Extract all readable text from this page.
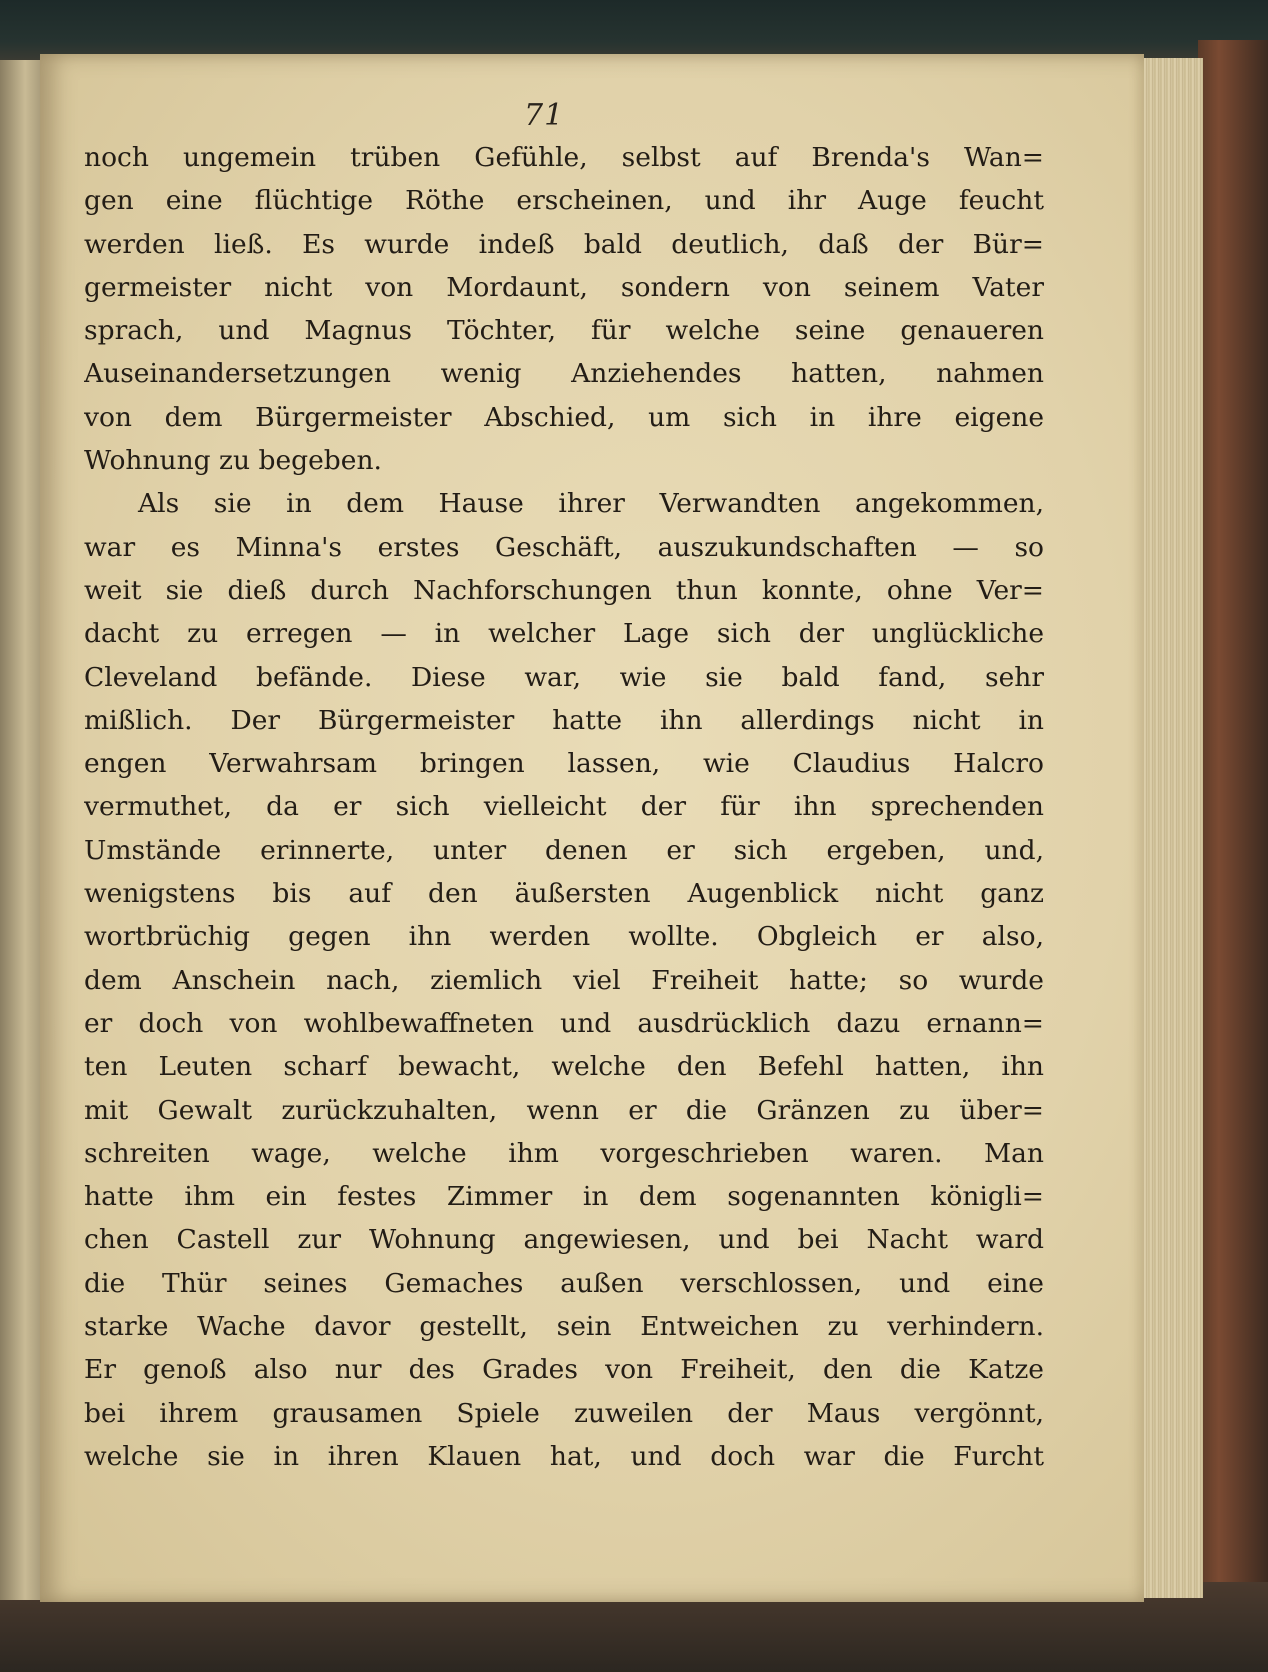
71
noch ungemein trüben Gefühle, selbst auf Brenda's Wan=
gen eine flüchtige Röthe erscheinen, und ihr Auge feucht
werden ließ. Es wurde indeß bald deutlich, daß der Bür=
germeister nicht von Mordaunt, sondern von seinem Vater
sprach, und Magnus Töchter, für welche seine genaueren
Auseinandersetzungen wenig Anziehendes hatten, nahmen
von dem Bürgermeister Abschied, um sich in ihre eigene
Wohnung zu begeben.
Als sie in dem Hause ihrer Verwandten angekommen,
war es Minna's erstes Geschäft, auszukundschaften — so
weit sie dieß durch Nachforschungen thun konnte, ohne Ver=
dacht zu erregen — in welcher Lage sich der unglückliche
Cleveland befände. Diese war, wie sie bald fand, sehr
mißlich. Der Bürgermeister hatte ihn allerdings nicht in
engen Verwahrsam bringen lassen, wie Claudius Halcro
vermuthet, da er sich vielleicht der für ihn sprechenden
Umstände erinnerte, unter denen er sich ergeben, und,
wenigstens bis auf den äußersten Augenblick nicht ganz
wortbrüchig gegen ihn werden wollte. Obgleich er also,
dem Anschein nach, ziemlich viel Freiheit hatte; so wurde
er doch von wohlbewaffneten und ausdrücklich dazu ernann=
ten Leuten scharf bewacht, welche den Befehl hatten, ihn
mit Gewalt zurückzuhalten, wenn er die Gränzen zu über=
schreiten wage, welche ihm vorgeschrieben waren. Man
hatte ihm ein festes Zimmer in dem sogenannten königli=
chen Castell zur Wohnung angewiesen, und bei Nacht ward
die Thür seines Gemaches außen verschlossen, und eine
starke Wache davor gestellt, sein Entweichen zu verhindern.
Er genoß also nur des Grades von Freiheit, den die Katze
bei ihrem grausamen Spiele zuweilen der Maus vergönnt,
welche sie in ihren Klauen hat, und doch war die Furcht
